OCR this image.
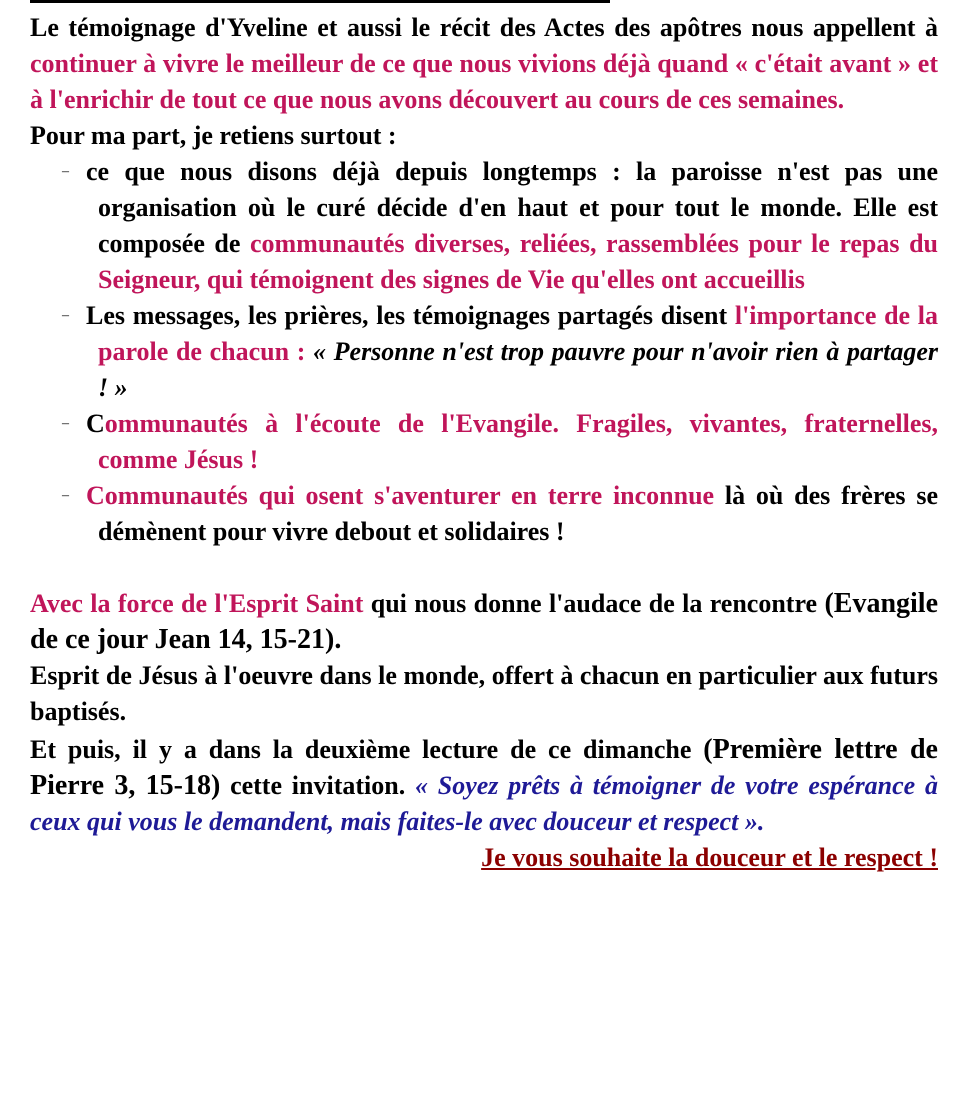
Le témoignage d'Yveline et aussi le récit des Actes des apôtres nous appellent à continuer à vivre le meilleur de ce que nous vivions déjà quand « c'était avant » et à l'enrichir de tout ce que nous avons découvert au cours de ces semaines.

Pour ma part, je retiens surtout :

– ce que nous disons déjà depuis longtemps : la paroisse n'est pas une organisation où le curé décide d'en haut et pour tout le monde. Elle est composée de communautés diverses, reliées, rassemblées pour le repas du Seigneur, qui témoignent des signes de Vie qu'elles ont accueillis
– Les messages, les prières, les témoignages partagés disent l'importance de la parole de chacun : « Personne n'est trop pauvre pour n'avoir rien à partager ! »
– Communautés à l'écoute de l'Evangile. Fragiles, vivantes, fraternelles, comme Jésus !
– Communautés qui osent s'aventurer en terre inconnue là où des frères se démènent pour vivre debout et solidaires !

Avec la force de l'Esprit Saint qui nous donne l'audace de la rencontre (Evangile de ce jour Jean 14, 15-21).

Esprit de Jésus à l'oeuvre dans le monde, offert à chacun en particulier aux futurs baptisés.

Et puis, il y a dans la deuxième lecture de ce dimanche (Première lettre de Pierre 3, 15-18) cette invitation. « Soyez prêts à témoigner de votre espérance à ceux qui vous le demandent, mais faites-le avec douceur et respect ».

Je vous souhaite la douceur et le respect !
